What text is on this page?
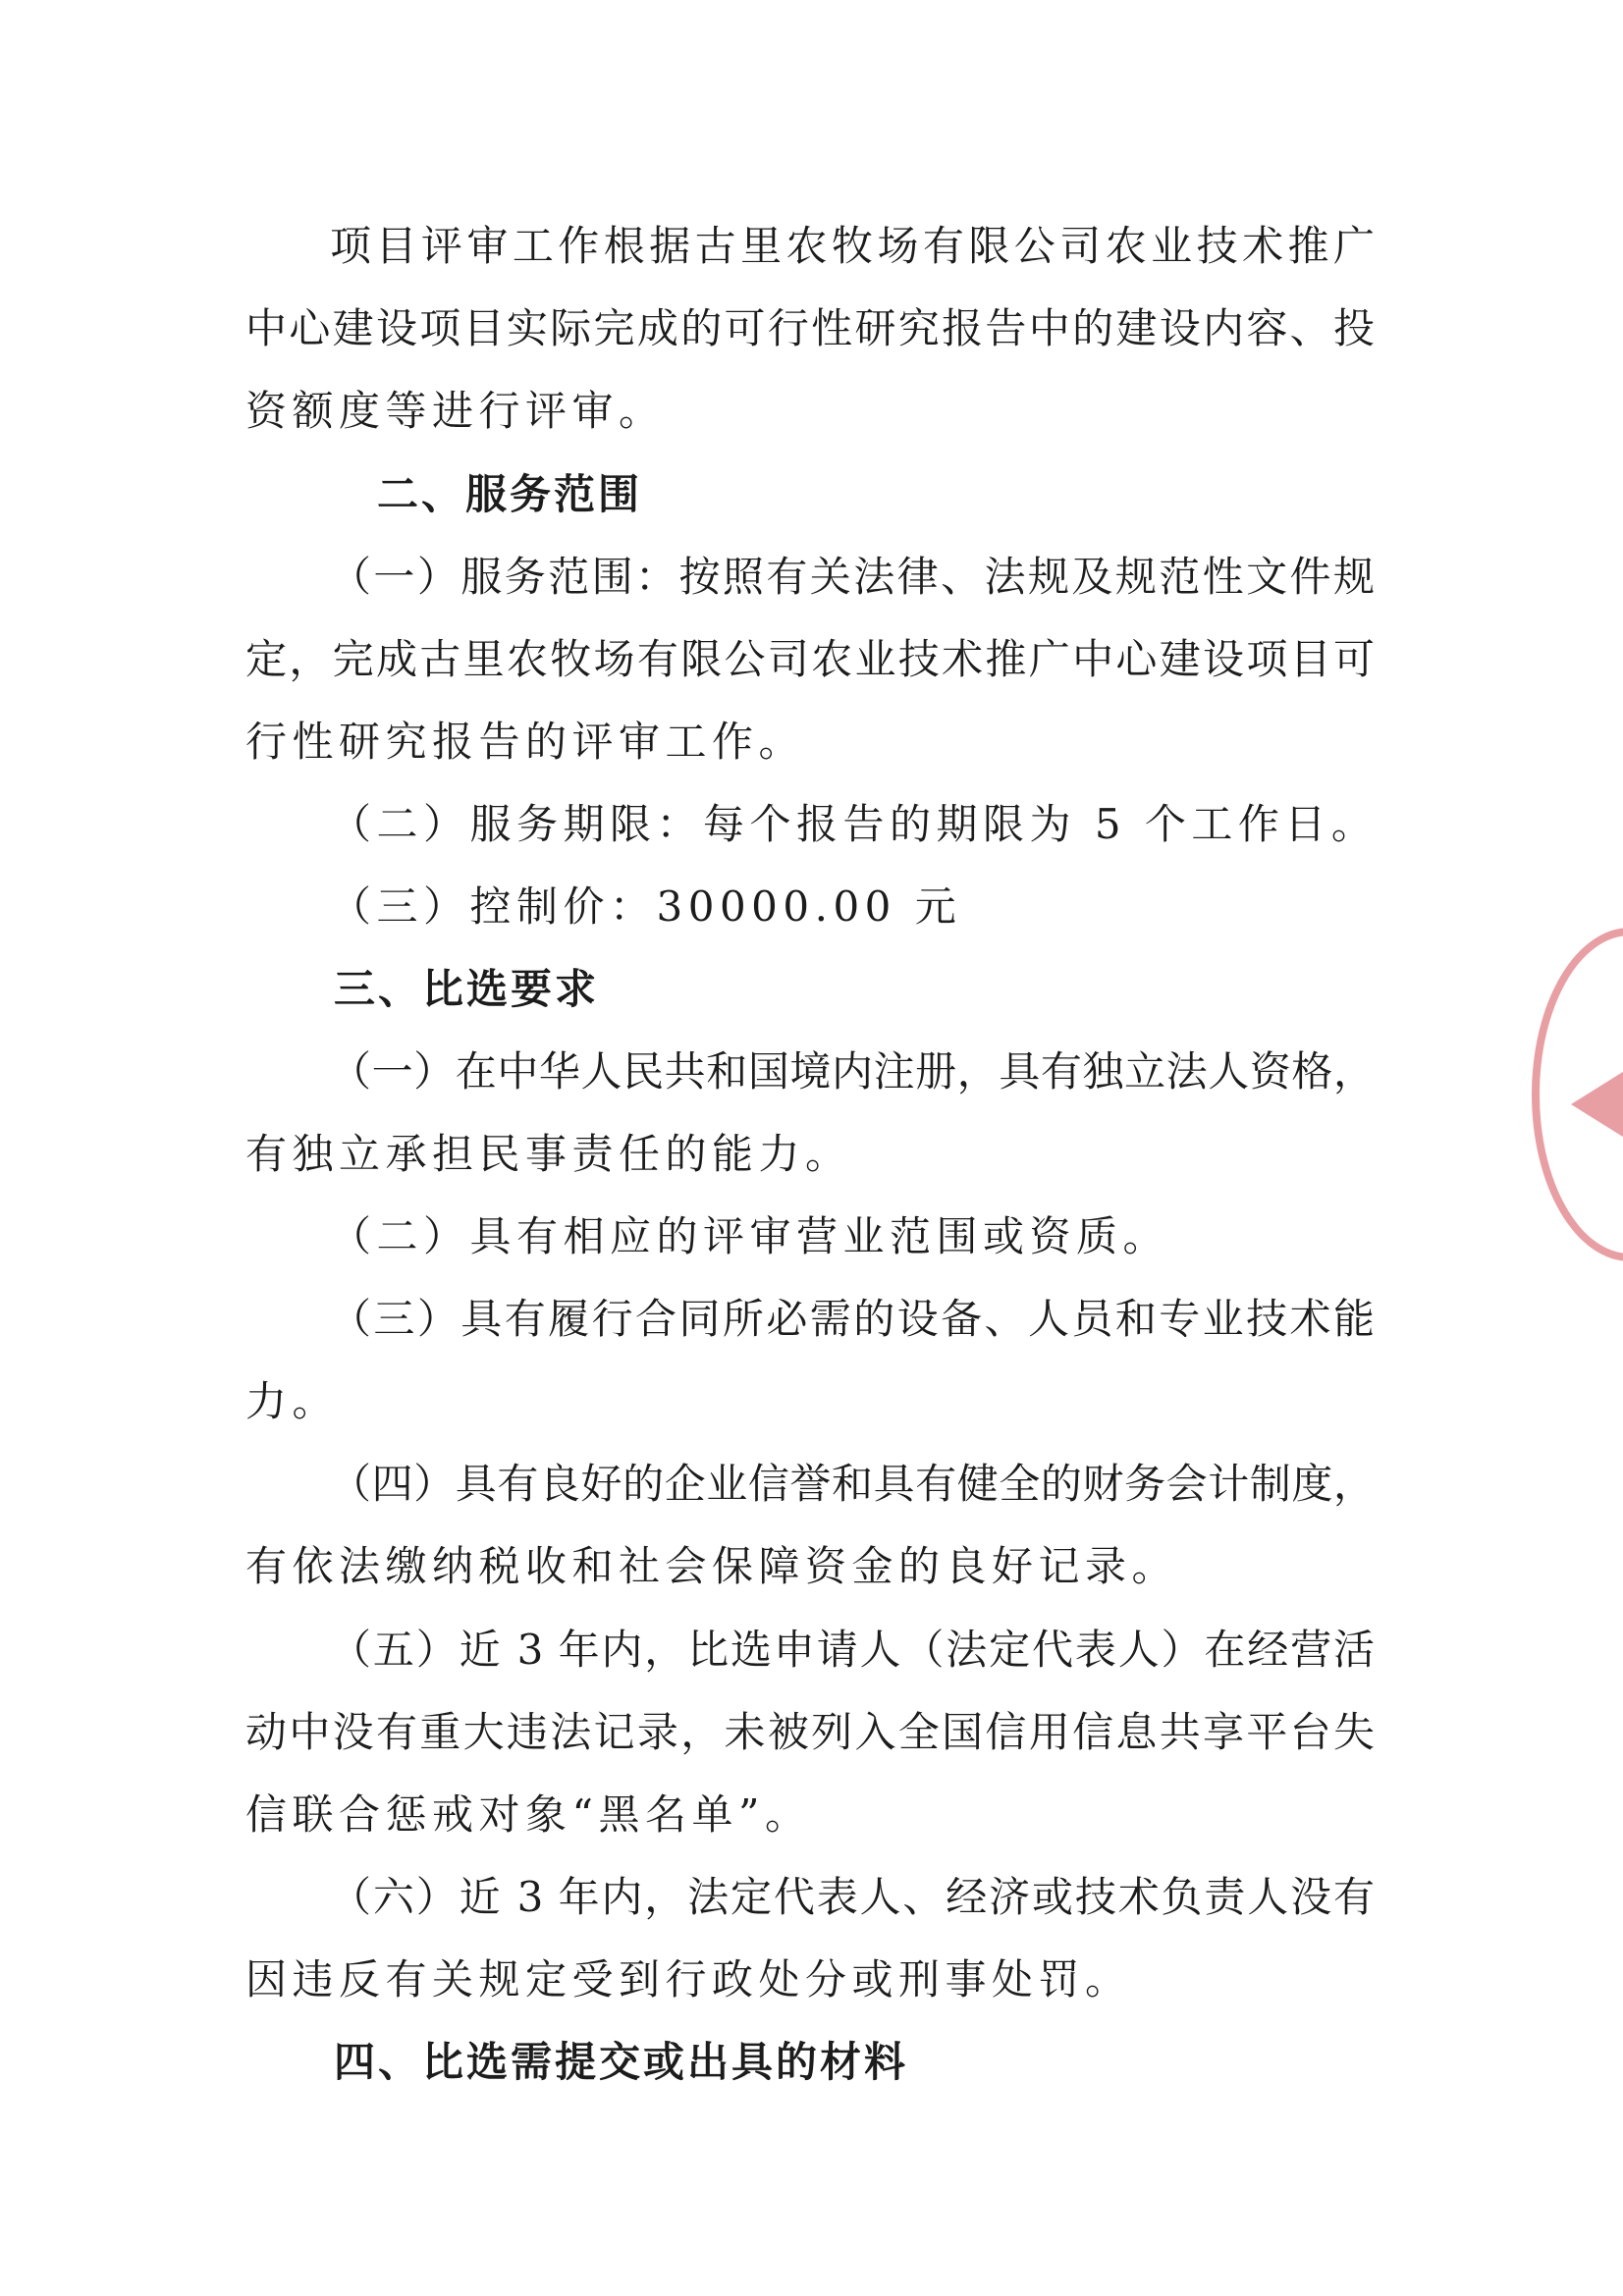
项目评审工作根据古里农牧场有限公司农业技术推广
中心建设项目实际完成的可行性研究报告中的建设内容、投
资额度等进行评审。
二、服务范围
（一）服务范围：按照有关法律、法规及规范性文件规
定，完成古里农牧场有限公司农业技术推广中心建设项目可
行性研究报告的评审工作。
（二）服务期限：每个报告的期限为 5 个工作日。
（三）控制价：30000.00 元
三、比选要求
（一）在中华人民共和国境内注册，具有独立法人资格，
有独立承担民事责任的能力。
（二）具有相应的评审营业范围或资质。
（三）具有履行合同所必需的设备、人员和专业技术能
力。
（四）具有良好的企业信誉和具有健全的财务会计制度，
有依法缴纳税收和社会保障资金的良好记录。
（五）近 3 年内，比选申请人（法定代表人）在经营活
动中没有重大违法记录，未被列入全国信用信息共享平台失
信联合惩戒对象“黑名单”。
（六）近 3 年内，法定代表人、经济或技术负责人没有
因违反有关规定受到行政处分或刑事处罚。
四、比选需提交或出具的材料
